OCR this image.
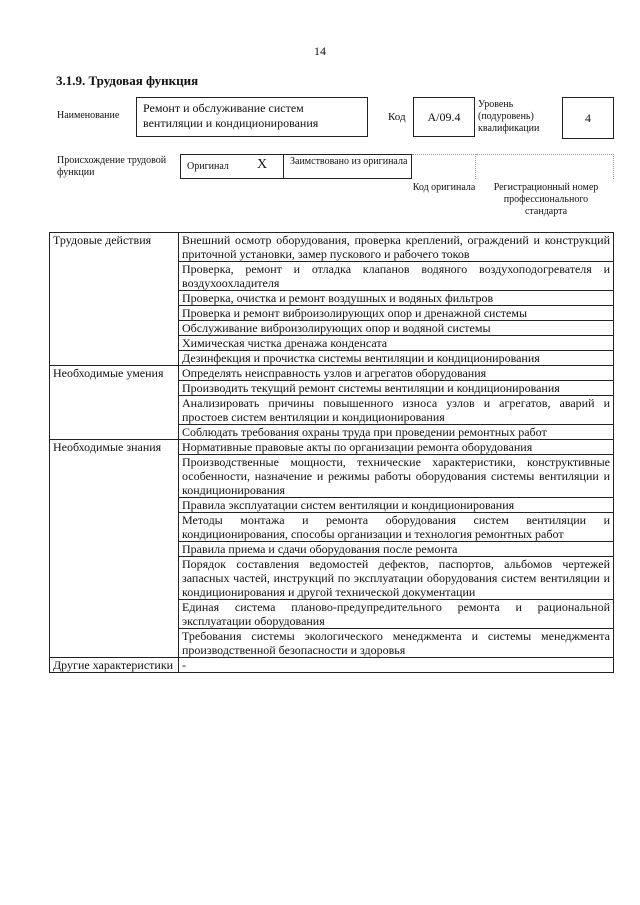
14
3.1.9. Трудовая функция
Наименование
Ремонт и обслуживание систем вентиляции и кондиционирования	Код	A/09.4
Уровень (подуровень) квалификации
4
Происхождение трудовой функции
Оригинал X	Заимствовано из оригинала
Код оригинала	Регистрационный номер профессионального стандарта
Трудовые действия	Внешний осмотр оборудования, проверка креплений, ограждений и конструкций приточной установки, замер пускового и рабочего токов
	Проверка, ремонт и отладка клапанов водяного воздухоподогревателя и воздухоохладителя
	Проверка, очистка и ремонт воздушных и водяных фильтров
	Проверка и ремонт виброизолирующих опор и дренажной системы
	Обслуживание виброизолирующих опор и водяной системы
	Химическая чистка дренажа конденсата
	Дезинфекция и прочистка системы вентиляции и кондиционирования
Необходимые умения	Определять неисправность узлов и агрегатов оборудования
	Производить текущий ремонт системы вентиляции и кондиционирования
	Анализировать причины повышенного износа узлов и агрегатов, аварий и простоев систем вентиляции и кондиционирования
	Соблюдать требования охраны труда при проведении ремонтных работ
Необходимые знания	Нормативные правовые акты по организации ремонта оборудования
	Производственные мощности, технические характеристики, конструктивные особенности, назначение и режимы работы оборудования системы вентиляции и кондиционирования
	Правила эксплуатации систем вентиляции и кондиционирования
	Методы монтажа и ремонта оборудования систем вентиляции и кондиционирования, способы организации и технология ремонтных работ
	Правила приема и сдачи оборудования после ремонта
	Порядок составления ведомостей дефектов, паспортов, альбомов чертежей запасных частей, инструкций по эксплуатации оборудования систем вентиляции и кондиционирования и другой технической документации
	Единая система планово-предупредительного ремонта и рациональной эксплуатации оборудования
	Требования системы экологического менеджмента и системы менеджмента производственной безопасности и здоровья
Другие характеристики	-
